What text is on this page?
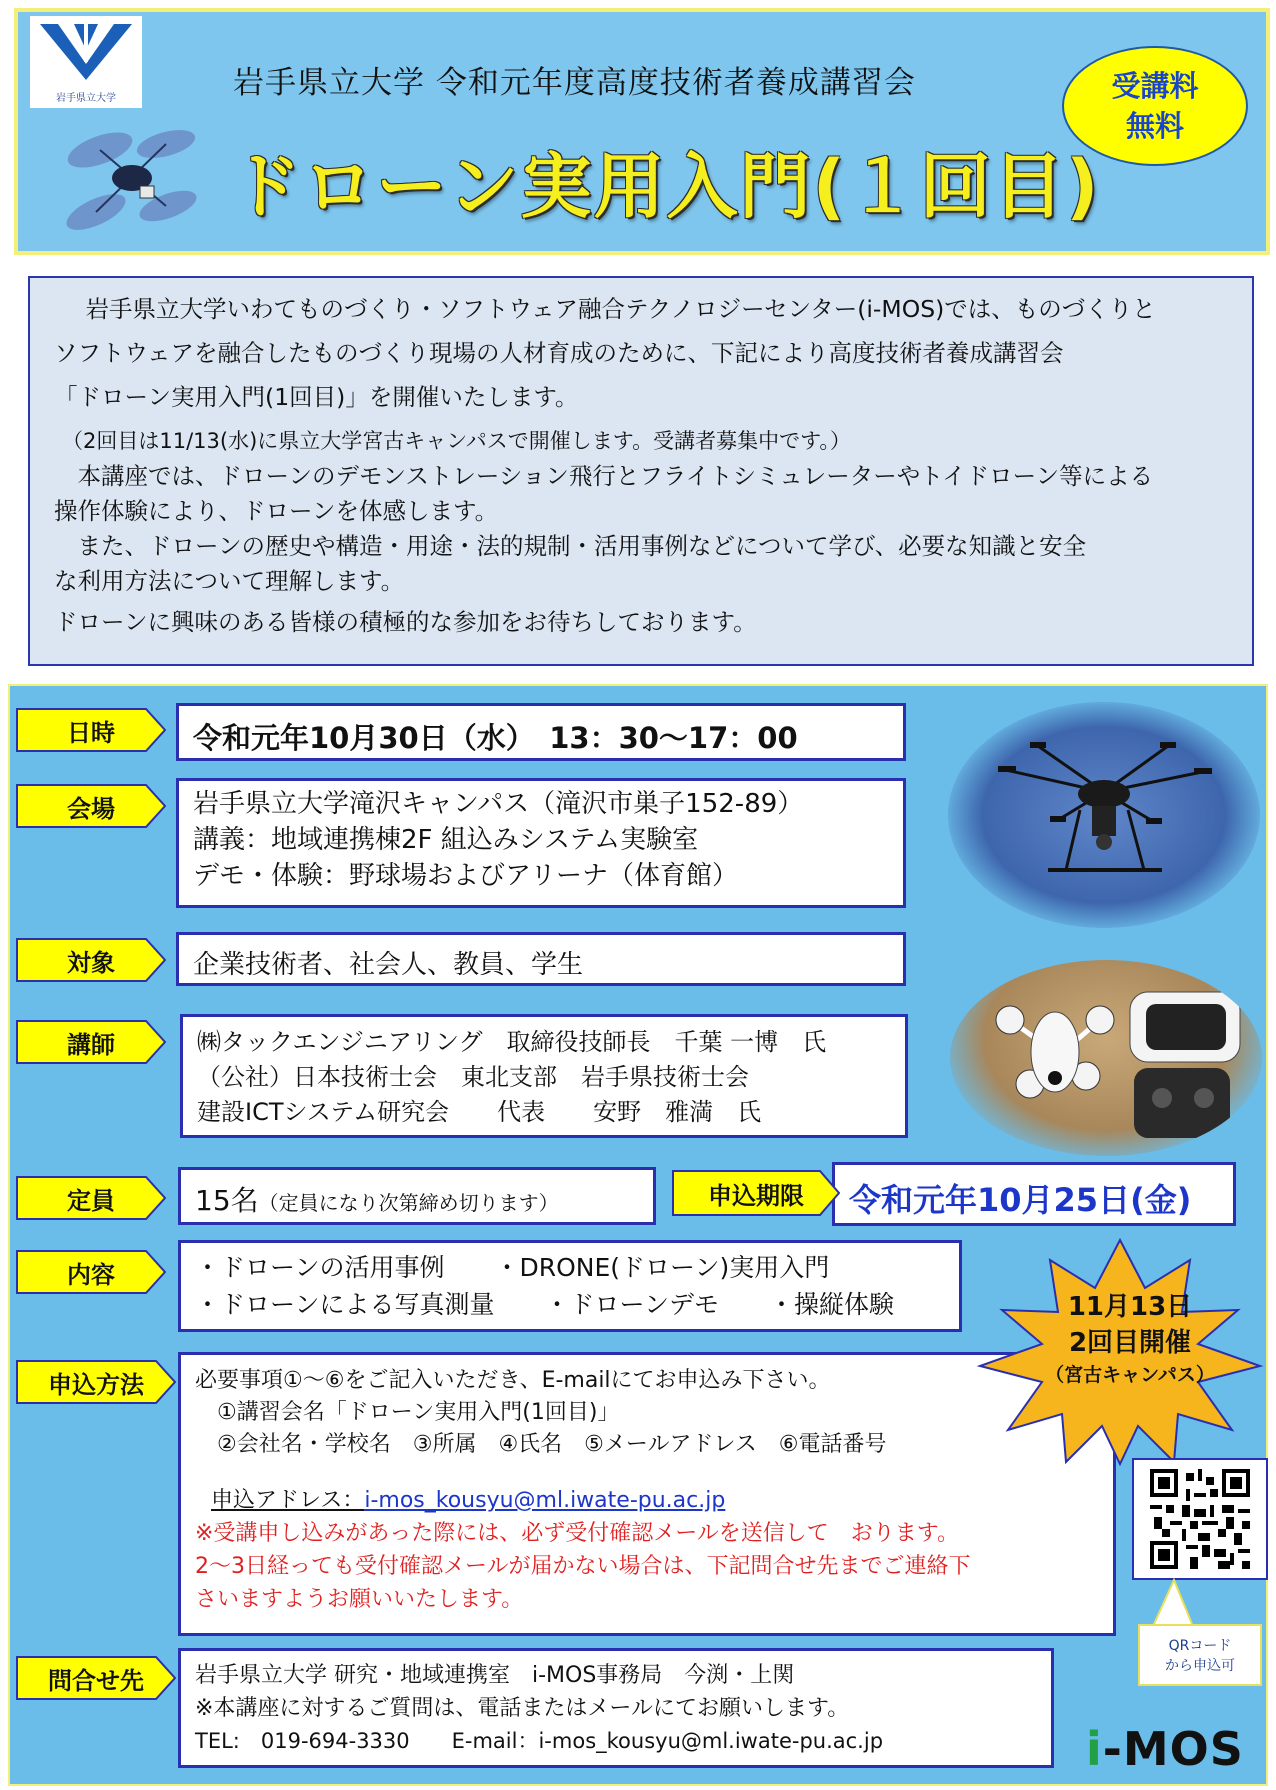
岩手県立大学	岩手県立大学 令和元年度高度技術者養成講習会
ドローン実用入門(１回目)
受講料
無料

　岩手県立大学いわてものづくり・ソフトウェア融合テクノロジーセンター(i-MOS)では、ものづくりと

ソフトウェアを融合したものづくり現場の人材育成のために、下記により高度技術者養成講習会

「ドローン実用入門(1回目)」を開催いたします。

（2回目は11/13(水)に県立大学宮古キャンパスで開催します。受講者募集中です。）

　本講座では、ドローンのデモンストレーション飛行とフライトシミュレーターやトイドローン等による

操作体験により、ドローンを体感します。

　また、ドローンの歴史や構造・用途・法的規制・活用事例などについて学び、必要な知識と安全

な利用方法について理解します。

ドローンに興味のある皆様の積極的な参加をお待ちしております。

日時	令和元年10月30日（水）　13：30〜17：00

会場	岩手県立大学滝沢キャンパス（滝沢市巣子152-89）

講義：地域連携棟2F 組込みシステム実験室

デモ・体験：野球場およびアリーナ（体育館）

対象	企業技術者、社会人、教員、学生

講師	㈱タックエンジニアリング　取締役技師長　千葉 一博　氏

（公社）日本技術士会　東北支部　岩手県技術士会

建設ICTシステム研究会　　代表　　安野　雅満　氏

定員	15名（定員になり次第締め切ります）	申込期限 令和元年10月25日(金)

内容	・ドローンの活用事例　　・DRONE(ドローン)実用入門

・ドローンによる写真測量　　・ドローンデモ　　・操縦体験

申込方法 必要事項①〜⑥をご記入いただき、E-mailにてお申込み下さい。

　①講習会名「ドローン実用入門(1回目)」

　②会社名・学校名　③所属　④氏名　⑤メールアドレス　⑥電話番号

申込アドレス：i-mos_kousyu@ml.iwate-pu.ac.jp

※受講申し込みがあった際には、必ず受付確認メールを送信して　おります。

2〜3日経っても受付確認メールが届かない場合は、下記問合せ先までご連絡下

さいますようお願いいたします。

問合せ先 岩手県立大学 研究・地域連携室　i-MOS事務局　今渕・上関

※本講座に対するご質問は、電話またはメールにてお願いします。

TEL:　019-694-3330　　E-mail：i-mos_kousyu@ml.iwate-pu.ac.jp

11月13日
2回目開催
（宮古キャンパス）
QRコード
から申込可
i-MOS
